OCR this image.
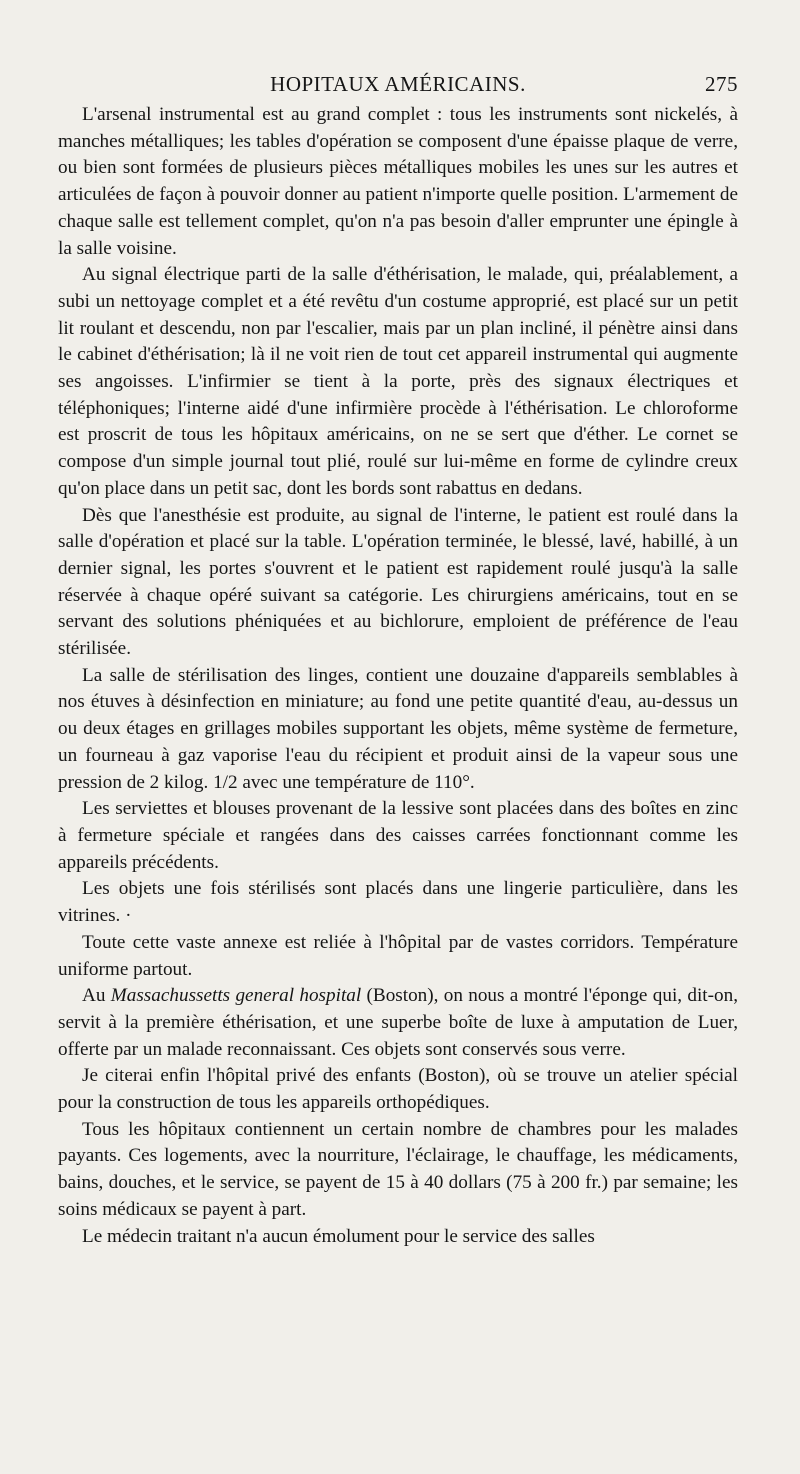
HOPITAUX AMÉRICAINS.	275

L'arsenal instrumental est au grand complet : tous les instruments sont nickelés, à manches métalliques; les tables d'opération se composent d'une épaisse plaque de verre, ou bien sont formées de plusieurs pièces métalliques mobiles les unes sur les autres et articulées de façon à pouvoir donner au patient n'importe quelle position. L'armement de chaque salle est tellement complet, qu'on n'a pas besoin d'aller emprunter une épingle à la salle voisine.

Au signal électrique parti de la salle d'éthérisation, le malade, qui, préalablement, a subi un nettoyage complet et a été revêtu d'un costume approprié, est placé sur un petit lit roulant et descendu, non par l'escalier, mais par un plan incliné, il pénètre ainsi dans le cabinet d'éthérisation; là il ne voit rien de tout cet appareil instrumental qui augmente ses angoisses. L'infirmier se tient à la porte, près des signaux électriques et téléphoniques; l'interne aidé d'une infirmière procède à l'éthérisation. Le chloroforme est proscrit de tous les hôpitaux américains, on ne se sert que d'éther. Le cornet se compose d'un simple journal tout plié, roulé sur lui-même en forme de cylindre creux qu'on place dans un petit sac, dont les bords sont rabattus en dedans.

Dès que l'anesthésie est produite, au signal de l'interne, le patient est roulé dans la salle d'opération et placé sur la table. L'opération terminée, le blessé, lavé, habillé, à un dernier signal, les portes s'ouvrent et le patient est rapidement roulé jusqu'à la salle réservée à chaque opéré suivant sa catégorie. Les chirurgiens américains, tout en se servant des solutions phéniquées et au bichlorure, emploient de préférence de l'eau stérilisée.

La salle de stérilisation des linges, contient une douzaine d'appareils semblables à nos étuves à désinfection en miniature; au fond une petite quantité d'eau, au-dessus un ou deux étages en grillages mobiles supportant les objets, même système de fermeture, un fourneau à gaz vaporise l'eau du récipient et produit ainsi de la vapeur sous une pression de 2 kilog. 1/2 avec une température de 110°.

Les serviettes et blouses provenant de la lessive sont placées dans des boîtes en zinc à fermeture spéciale et rangées dans des caisses carrées fonctionnant comme les appareils précédents.

Les objets une fois stérilisés sont placés dans une lingerie particulière, dans les vitrines. ·

Toute cette vaste annexe est reliée à l'hôpital par de vastes corridors. Température uniforme partout.

Au Massachussetts general hospital (Boston), on nous a montré l'éponge qui, dit-on, servit à la première éthérisation, et une superbe boîte de luxe à amputation de Luer, offerte par un malade reconnaissant. Ces objets sont conservés sous verre.

Je citerai enfin l'hôpital privé des enfants (Boston), où se trouve un atelier spécial pour la construction de tous les appareils orthopédiques.

Tous les hôpitaux contiennent un certain nombre de chambres pour les malades payants. Ces logements, avec la nourriture, l'éclairage, le chauffage, les médicaments, bains, douches, et le service, se payent de 15 à 40 dollars (75 à 200 fr.) par semaine; les soins médicaux se payent à part.

Le médecin traitant n'a aucun émolument pour le service des salles
